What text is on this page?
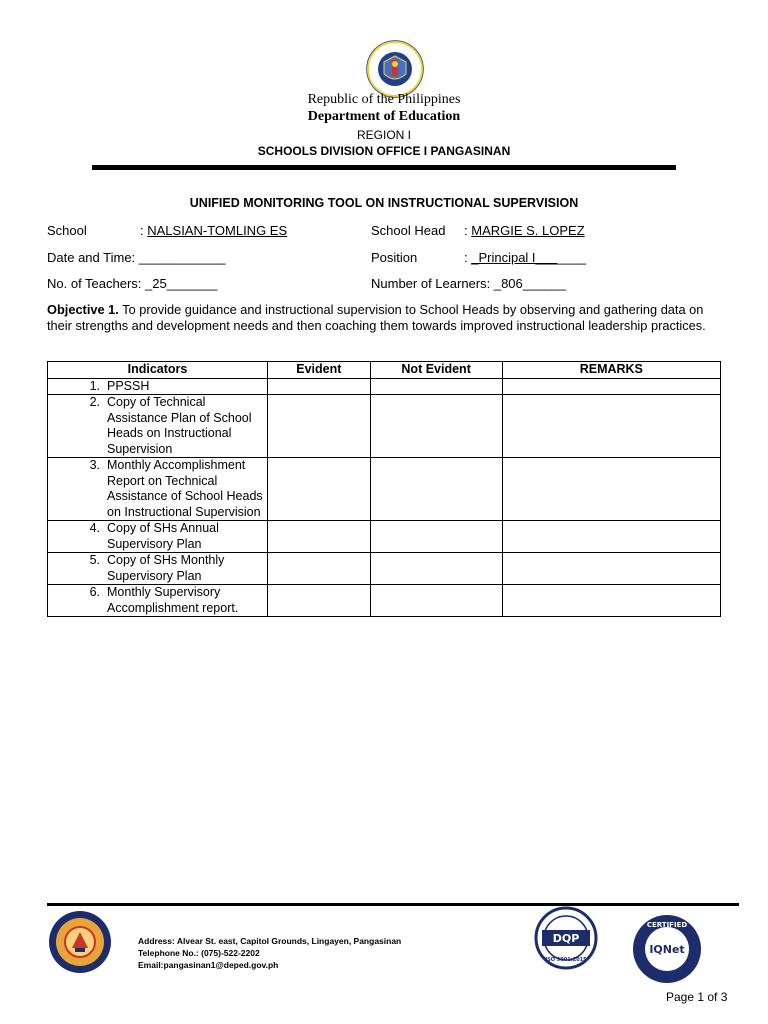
Republic of the Philippines
Department of Education
REGION I
SCHOOLS DIVISION OFFICE I PANGASINAN
UNIFIED MONITORING TOOL ON INSTRUCTIONAL SUPERVISION
School	: NALSIAN-TOMLING ES	School Head : MARGIE S. LOPEZ
Date and Time: ____________	Position	: _Principal I_______
No. of Teachers: _25_______	Number of Learners: _806______
Objective 1. To provide guidance and instructional supervision to School Heads by observing and gathering data on their strengths and development needs and then coaching them towards improved instructional leadership practices.
Indicators	Evident	Not Evident	REMARKS

1. PPSSH			

2. Copy of Technical Assistance Plan of School Heads on Instructional Supervision			

3. Monthly Accomplishment Report on Technical Assistance of School Heads on Instructional Supervision			

4. Copy of SHs Annual Supervisory Plan			

5. Copy of SHs Monthly Supervisory Plan			

6. Monthly Supervisory Accomplishment report.			

Address: Alvear St. east, Capitol Grounds, Lingayen, Pangasinan
Telephone No.: (075)-522-2202
Email:pangasinan1@deped.gov.ph
DQP
ISO 9001:2015
CERTIFIED
IQNet
Page 1 of 3
